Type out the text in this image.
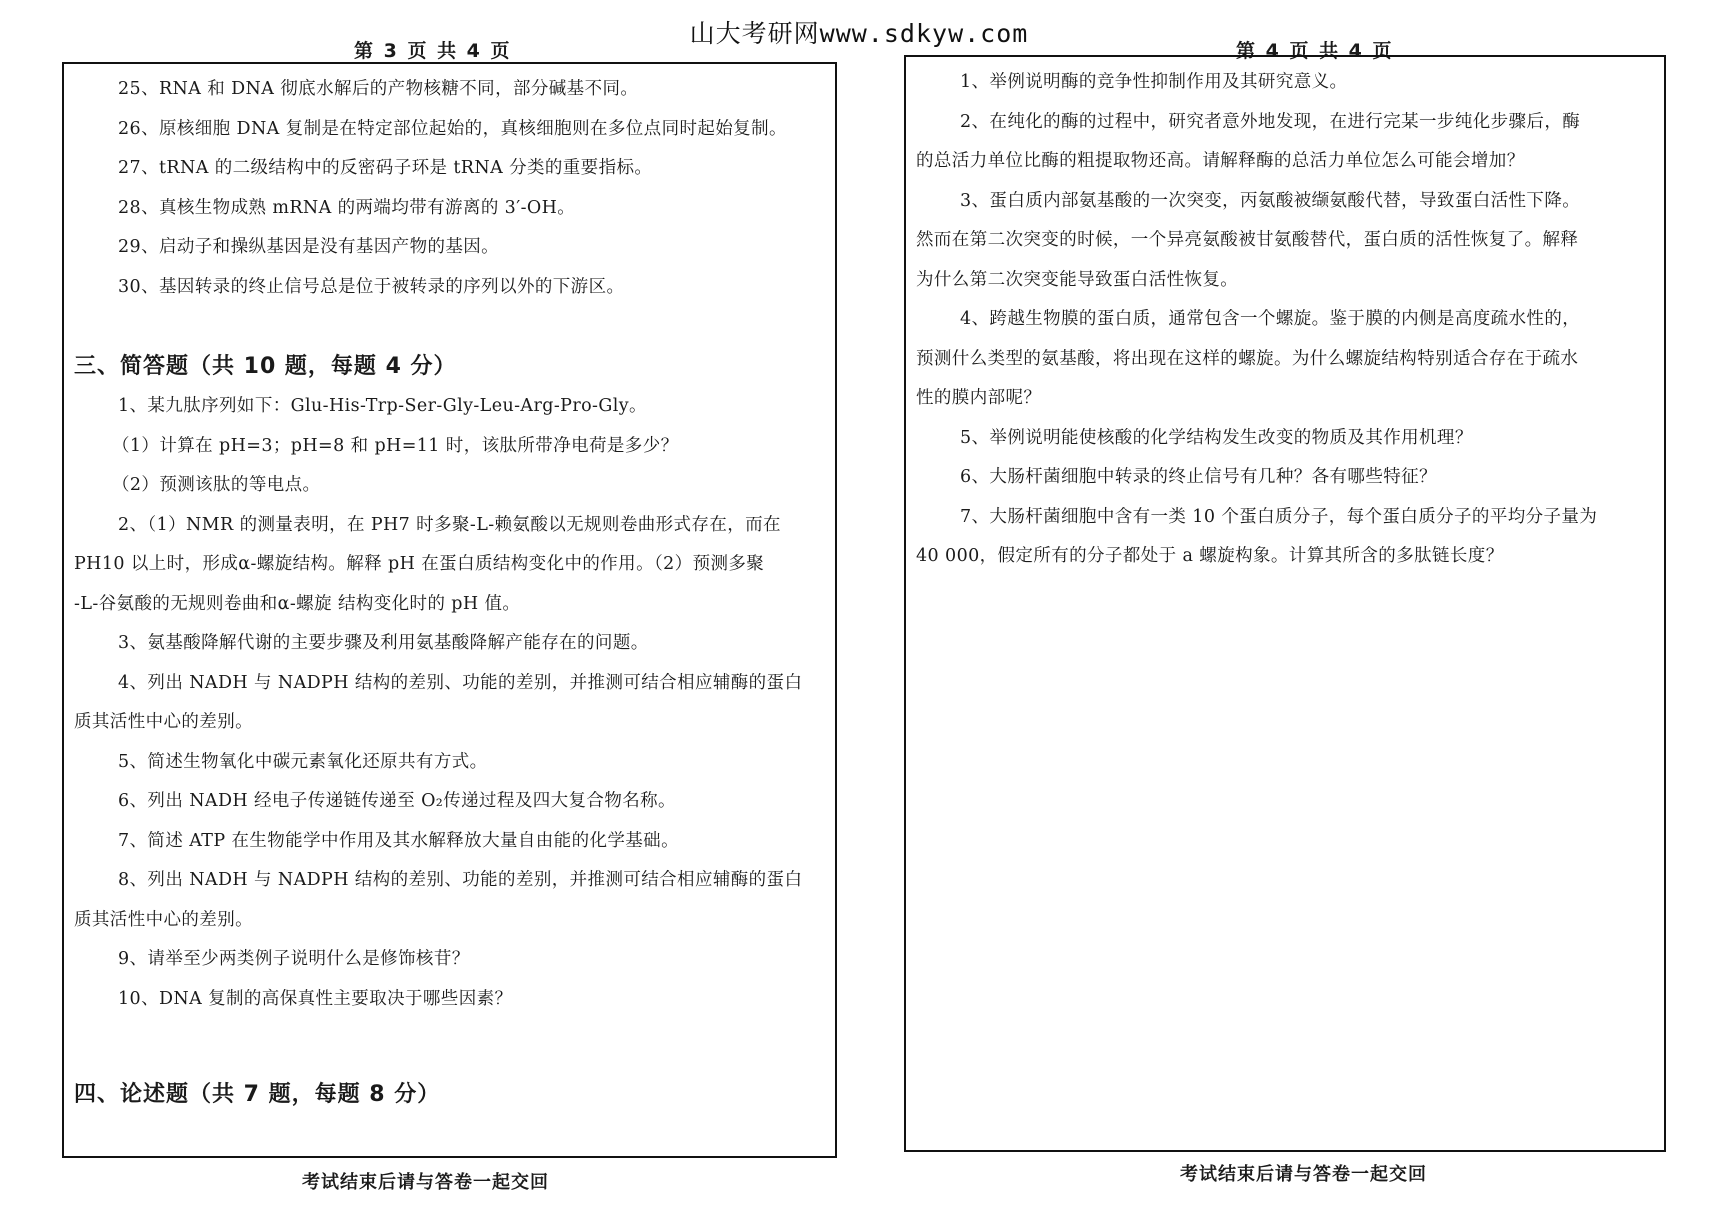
山大考研网www.sdkyw.com
第 3 页 共 4 页	第 4 页 共 4 页
25、RNA 和 DNA 彻底水解后的产物核糖不同，部分碱基不同。
26、原核细胞 DNA 复制是在特定部位起始的，真核细胞则在多位点同时起始复制。
27、tRNA 的二级结构中的反密码子环是 tRNA 分类的重要指标。
28、真核生物成熟 mRNA 的两端均带有游离的 3′-OH。
29、启动子和操纵基因是没有基因产物的基因。
30、基因转录的终止信号总是位于被转录的序列以外的下游区。
三、简答题（共 10 题，每题 4 分）
1、某九肽序列如下：Glu-His-Trp-Ser-Gly-Leu-Arg-Pro-Gly。
（1）计算在 pH=3；pH=8 和 pH=11 时，该肽所带净电荷是多少？
（2）预测该肽的等电点。
2、（1）NMR 的测量表明，在 PH7 时多聚-L-赖氨酸以无规则卷曲形式存在，而在
PH10 以上时，形成α-螺旋结构。解释 pH 在蛋白质结构变化中的作用。（2）预测多聚
-L-谷氨酸的无规则卷曲和α-螺旋 结构变化时的 pH 值。
3、氨基酸降解代谢的主要步骤及利用氨基酸降解产能存在的问题。
4、列出 NADH 与 NADPH 结构的差别、功能的差别，并推测可结合相应辅酶的蛋白
质其活性中心的差别。
5、简述生物氧化中碳元素氧化还原共有方式。
6、列出 NADH 经电子传递链传递至 O₂传递过程及四大复合物名称。
7、简述 ATP 在生物能学中作用及其水解释放大量自由能的化学基础。
8、列出 NADH 与 NADPH 结构的差别、功能的差别，并推测可结合相应辅酶的蛋白
质其活性中心的差别。
9、请举至少两类例子说明什么是修饰核苷？
10、DNA 复制的高保真性主要取决于哪些因素？
四、论述题（共 7 题，每题 8 分）
1、举例说明酶的竞争性抑制作用及其研究意义。
2、在纯化的酶的过程中，研究者意外地发现，在进行完某一步纯化步骤后，酶
的总活力单位比酶的粗提取物还高。请解释酶的总活力单位怎么可能会增加？
3、蛋白质内部氨基酸的一次突变，丙氨酸被缬氨酸代替，导致蛋白活性下降。
然而在第二次突变的时候，一个异亮氨酸被甘氨酸替代，蛋白质的活性恢复了。解释
为什么第二次突变能导致蛋白活性恢复。
4、跨越生物膜的蛋白质，通常包含一个螺旋。鉴于膜的内侧是高度疏水性的，
预测什么类型的氨基酸，将出现在这样的螺旋。为什么螺旋结构特别适合存在于疏水
性的膜内部呢？
5、举例说明能使核酸的化学结构发生改变的物质及其作用机理？
6、大肠杆菌细胞中转录的终止信号有几种？各有哪些特征？
7、大肠杆菌细胞中含有一类 10 个蛋白质分子，每个蛋白质分子的平均分子量为
40 000，假定所有的分子都处于 a 螺旋构象。计算其所含的多肽链长度？
考试结束后请与答卷一起交回	考试结束后请与答卷一起交回
